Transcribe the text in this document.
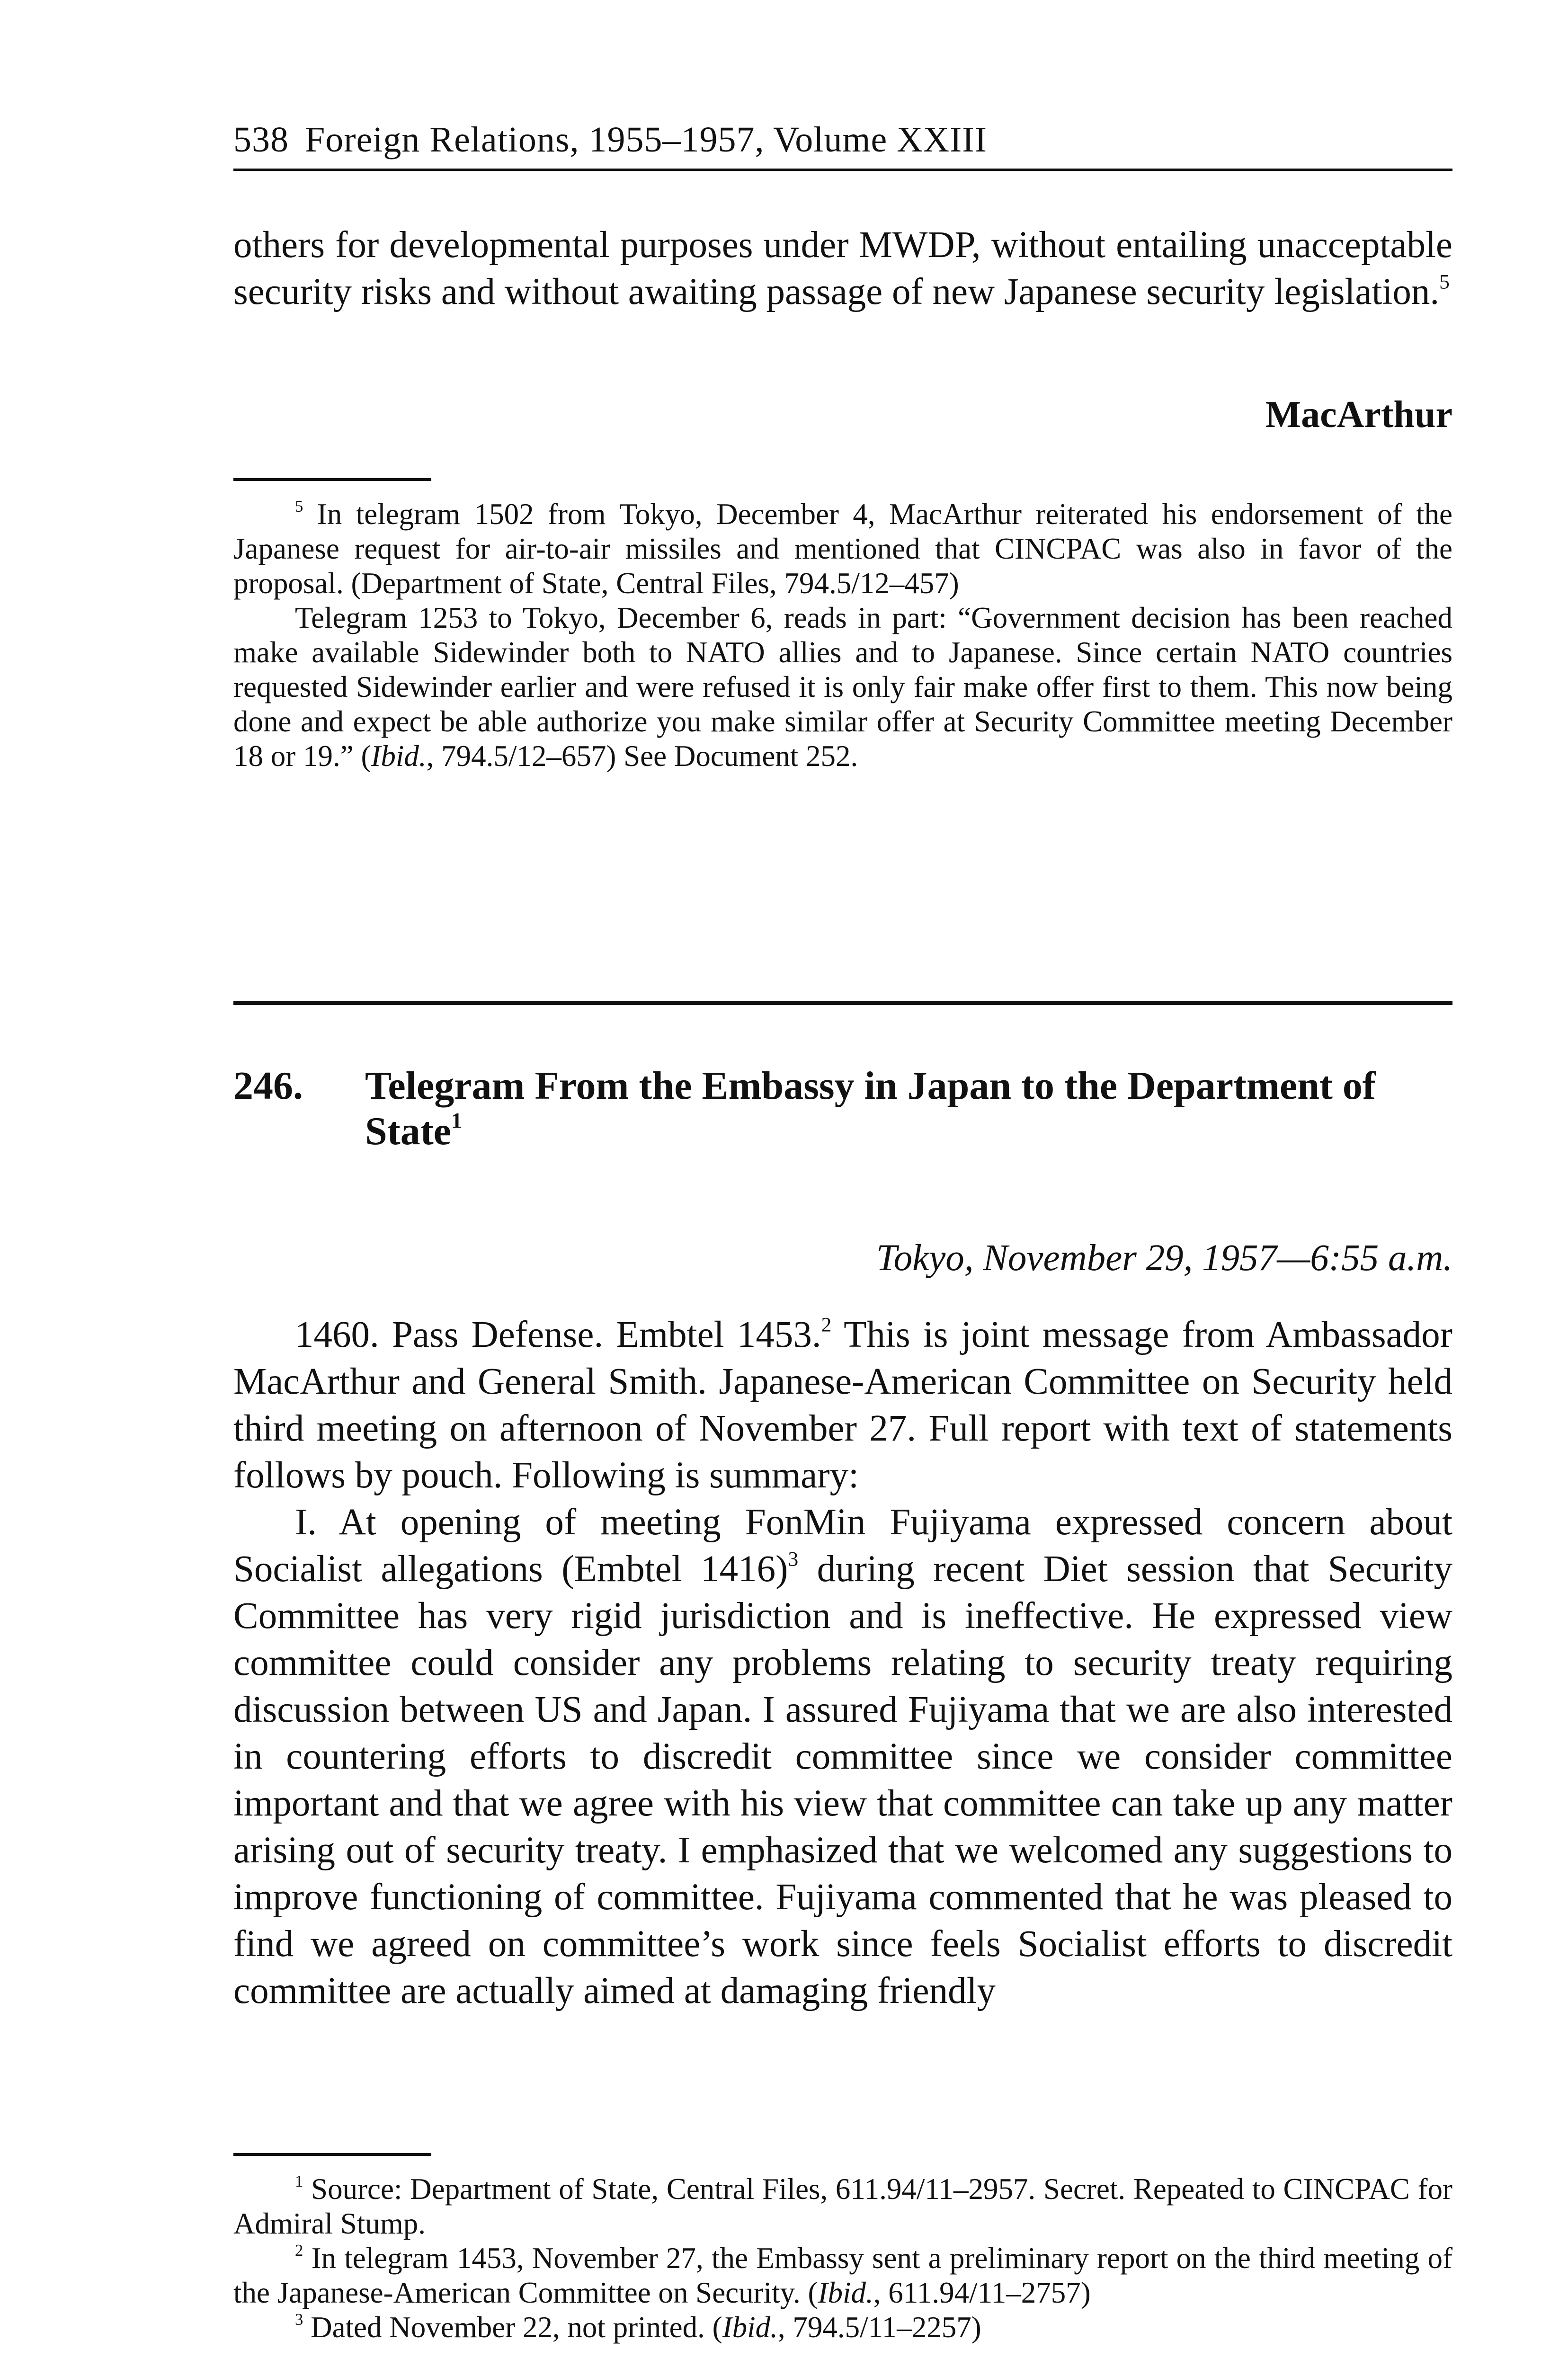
538 Foreign Relations, 1955–1957, Volume XXIII

others for developmental purposes under MWDP, without entailing unacceptable security risks and without awaiting passage of new Japanese security legislation.$^5$

MacArthur

$^5$ In telegram 1502 from Tokyo, December 4, MacArthur reiterated his endorsement of the Japanese request for air-to-air missiles and mentioned that CINCPAC was also in favor of the proposal. (Department of State, Central Files, 794.5/12–457)

Telegram 1253 to Tokyo, December 6, reads in part: “Government decision has been reached make available Sidewinder both to NATO allies and to Japanese. Since certain NATO countries requested Sidewinder earlier and were refused it is only fair make offer first to them. This now being done and expect be able authorize you make similar offer at Security Committee meeting December 18 or 19.” (Ibid., 794.5/12–657) See Document 252.

246.	Telegram From the Embassy in Japan to the Department of State$^1$
Tokyo, November 29, 1957—6:55 a.m.

1460. Pass Defense. Embtel 1453.$^2$ This is joint message from Ambassador MacArthur and General Smith. Japanese-American Committee on Security held third meeting on afternoon of November 27. Full report with text of statements follows by pouch. Following is summary:

I. At opening of meeting FonMin Fujiyama expressed concern about Socialist allegations (Embtel 1416)$^3$ during recent Diet session that Security Committee has very rigid jurisdiction and is ineffective. He expressed view committee could consider any problems relating to security treaty requiring discussion between US and Japan. I assured Fujiyama that we are also interested in countering efforts to discredit committee since we consider committee important and that we agree with his view that committee can take up any matter arising out of security treaty. I emphasized that we welcomed any suggestions to improve functioning of committee. Fujiyama commented that he was pleased to find we agreed on committee’s work since feels Socialist efforts to discredit committee are actually aimed at damaging friendly

$^1$ Source: Department of State, Central Files, 611.94/11–2957. Secret. Repeated to CINCPAC for Admiral Stump.

$^2$ In telegram 1453, November 27, the Embassy sent a preliminary report on the third meeting of the Japanese-American Committee on Security. (Ibid., 611.94/11–2757)

$^3$ Dated November 22, not printed. (Ibid., 794.5/11–2257)
